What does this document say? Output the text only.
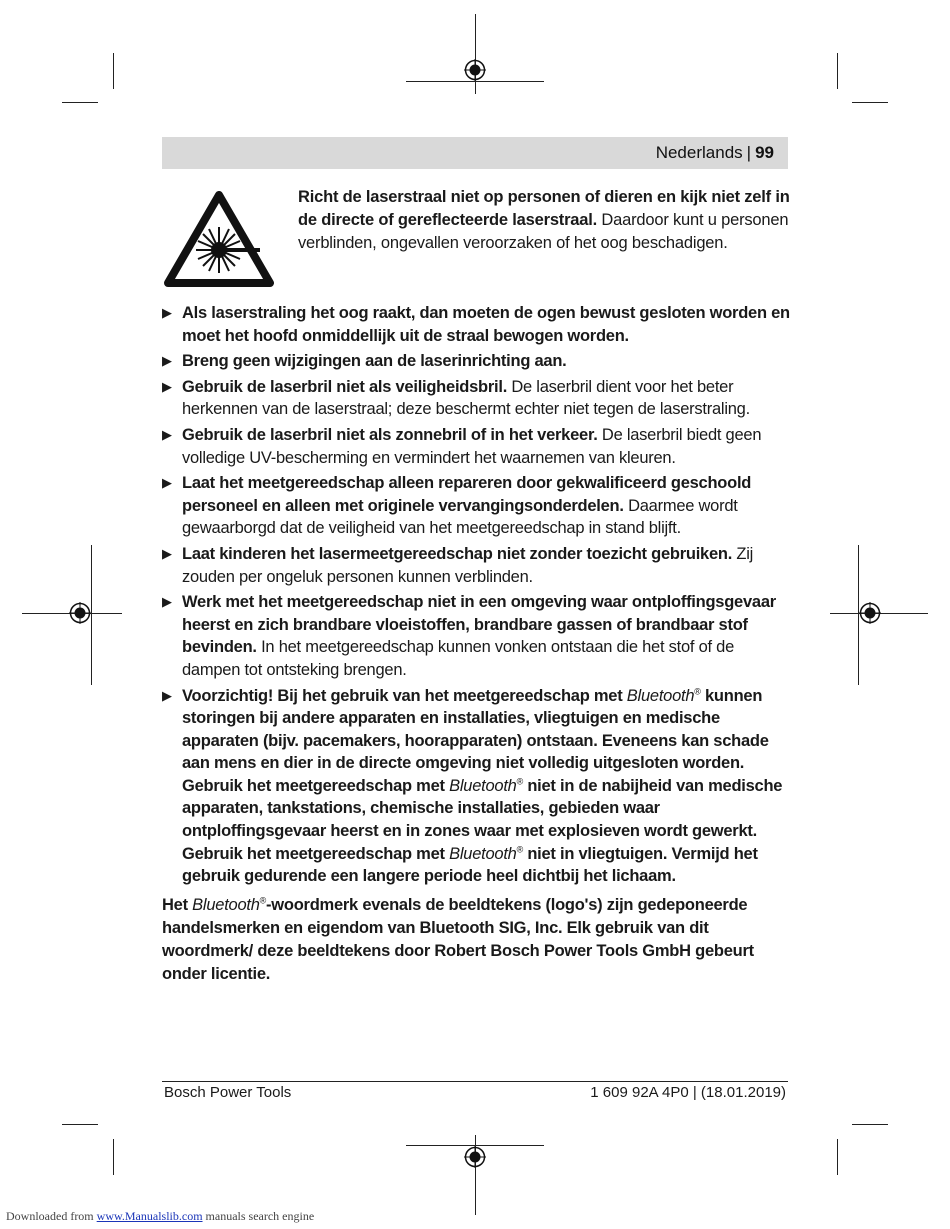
Nederlands | 99
Richt de laserstraal niet op personen of dieren en kijk niet zelf in de directe of gereflecteerde laserstraal. Daardoor kunt u personen verblinden, ongevallen veroorzaken of het oog beschadigen.
▶ Als laserstraling het oog raakt, dan moeten de ogen bewust gesloten worden en moet het hoofd onmiddellijk uit de straal bewogen worden.
▶ Breng geen wijzigingen aan de laserinrichting aan.
▶ Gebruik de laserbril niet als veiligheidsbril. De laserbril dient voor het beter herkennen van de laserstraal; deze beschermt echter niet tegen de laserstraling.
▶ Gebruik de laserbril niet als zonnebril of in het verkeer. De laserbril biedt geen volledige UV-bescherming en vermindert het waarnemen van kleuren.
▶ Laat het meetgereedschap alleen repareren door gekwalificeerd geschoold personeel en alleen met originele vervangingsonderdelen. Daarmee wordt gewaarborgd dat de veiligheid van het meetgereedschap in stand blijft.
▶ Laat kinderen het lasermeetgereedschap niet zonder toezicht gebruiken. Zij zouden per ongeluk personen kunnen verblinden.
▶ Werk met het meetgereedschap niet in een omgeving waar ontploffingsgevaar heerst en zich brandbare vloeistoffen, brandbare gassen of brandbaar stof bevinden. In het meetgereedschap kunnen vonken ontstaan die het stof of de dampen tot ontsteking brengen.
▶ Voorzichtig! Bij het gebruik van het meetgereedschap met Bluetooth® kunnen storingen bij andere apparaten en installaties, vliegtuigen en medische apparaten (bijv. pacemakers, hoorapparaten) ontstaan. Eveneens kan schade aan mens en dier in de directe omgeving niet volledig uitgesloten worden. Gebruik het meetgereedschap met Bluetooth® niet in de nabijheid van medische apparaten, tankstations, chemische installaties, gebieden waar ontploffingsgevaar heerst en in zones waar met explosieven wordt gewerkt. Gebruik het meetgereedschap met Bluetooth® niet in vliegtuigen. Vermijd het gebruik gedurende een langere periode heel dichtbij het lichaam.
Het Bluetooth®-woordmerk evenals de beeldtekens (logo's) zijn gedeponeerde handelsmerken en eigendom van Bluetooth SIG, Inc. Elk gebruik van dit woordmerk/ deze beeldtekens door Robert Bosch Power Tools GmbH gebeurt onder licentie.
Bosch Power Tools	1 609 92A 4P0 | (18.01.2019)
Downloaded from www.Manualslib.com manuals search engine
